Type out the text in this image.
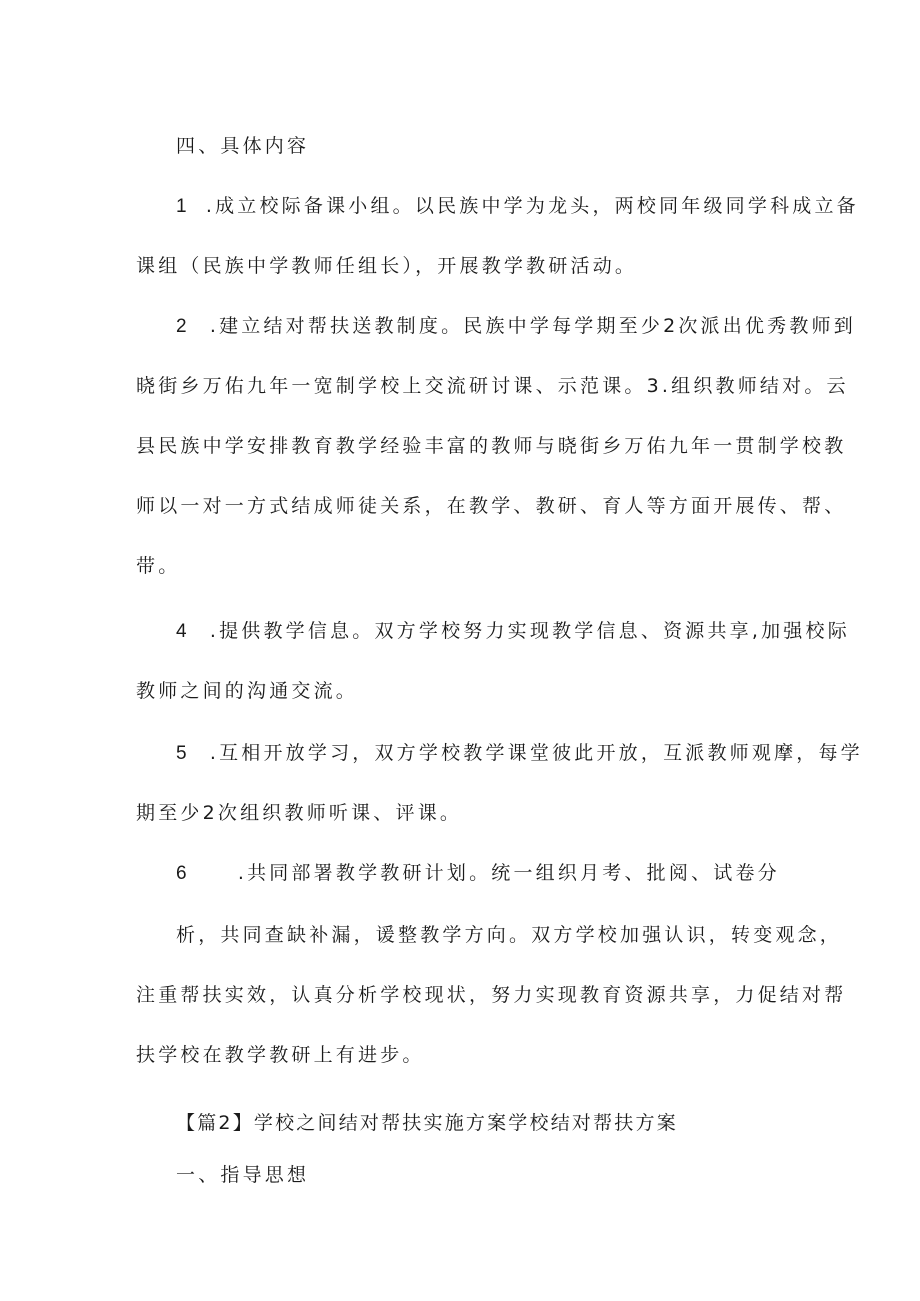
四、具体内容
1 .成立校际备课小组。以民族中学为龙头，两校同年级同学科成立备
课组（民族中学教师任组长），开展教学教研活动。
2 .建立结对帮扶送教制度。民族中学每学期至少2次派出优秀教师到
晓街乡万佑九年一宽制学校上交流研讨课、示范课。3.组织教师结对。云
县民族中学安排教育教学经验丰富的教师与晓街乡万佑九年一贯制学校教
师以一对一方式结成师徒关系，在教学、教研、育人等方面开展传、帮、
带。
4 .提供教学信息。双方学校努力实现教学信息、资源共享,加强校际
教师之间的沟通交流。
5 .互相开放学习，双方学校教学课堂彼此开放，互派教师观摩，每学
期至少2次组织教师听课、评课。
6	.共同部署教学教研计划。统一组织月考、批阅、试卷分
析，共同查缺补漏，谖整教学方向。双方学校加强认识，转变观念，
注重帮扶实效，认真分析学校现状，努力实现教育资源共享，力促结对帮
扶学校在教学教研上有进步。
【篇2】学校之间结对帮扶实施方案学校结对帮扶方案
一、指导思想
